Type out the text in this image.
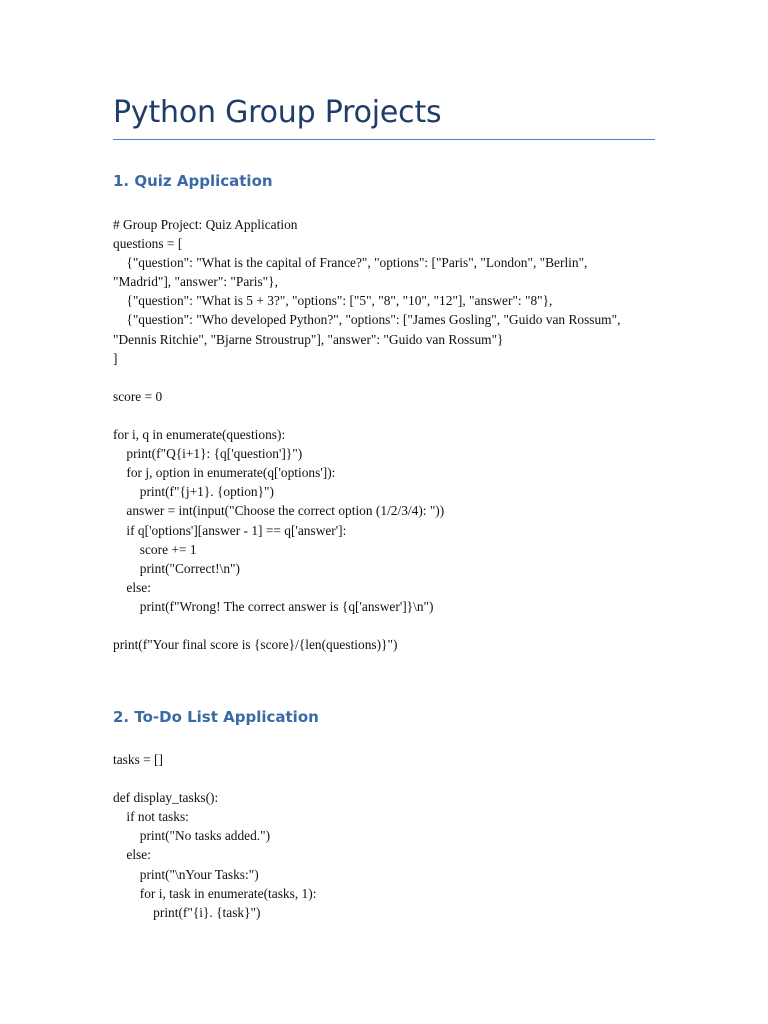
Python Group Projects
1. Quiz Application
# Group Project: Quiz Application
questions = [
{"question": "What is the capital of France?", "options": ["Paris", "London", "Berlin",
"Madrid"], "answer": "Paris"},
{"question": "What is 5 + 3?", "options": ["5", "8", "10", "12"], "answer": "8"},
{"question": "Who developed Python?", "options": ["James Gosling", "Guido van Rossum",
"Dennis Ritchie", "Bjarne Stroustrup"], "answer": "Guido van Rossum"}
]
score = 0
for i, q in enumerate(questions):
print(f"Q{i+1}: {q['question']}")
for j, option in enumerate(q['options']):
print(f"{j+1}. {option}")
answer = int(input("Choose the correct option (1/2/3/4): "))
if q['options'][answer - 1] == q['answer']:
score += 1
print("Correct!\n")
else:
print(f"Wrong! The correct answer is {q['answer']}\n")
print(f"Your final score is {score}/{len(questions)}")
2. To-Do List Application
tasks = []
def display_tasks():
if not tasks:
print("No tasks added.")
else:
print("\nYour Tasks:")
for i, task in enumerate(tasks, 1):
print(f"{i}. {task}")
